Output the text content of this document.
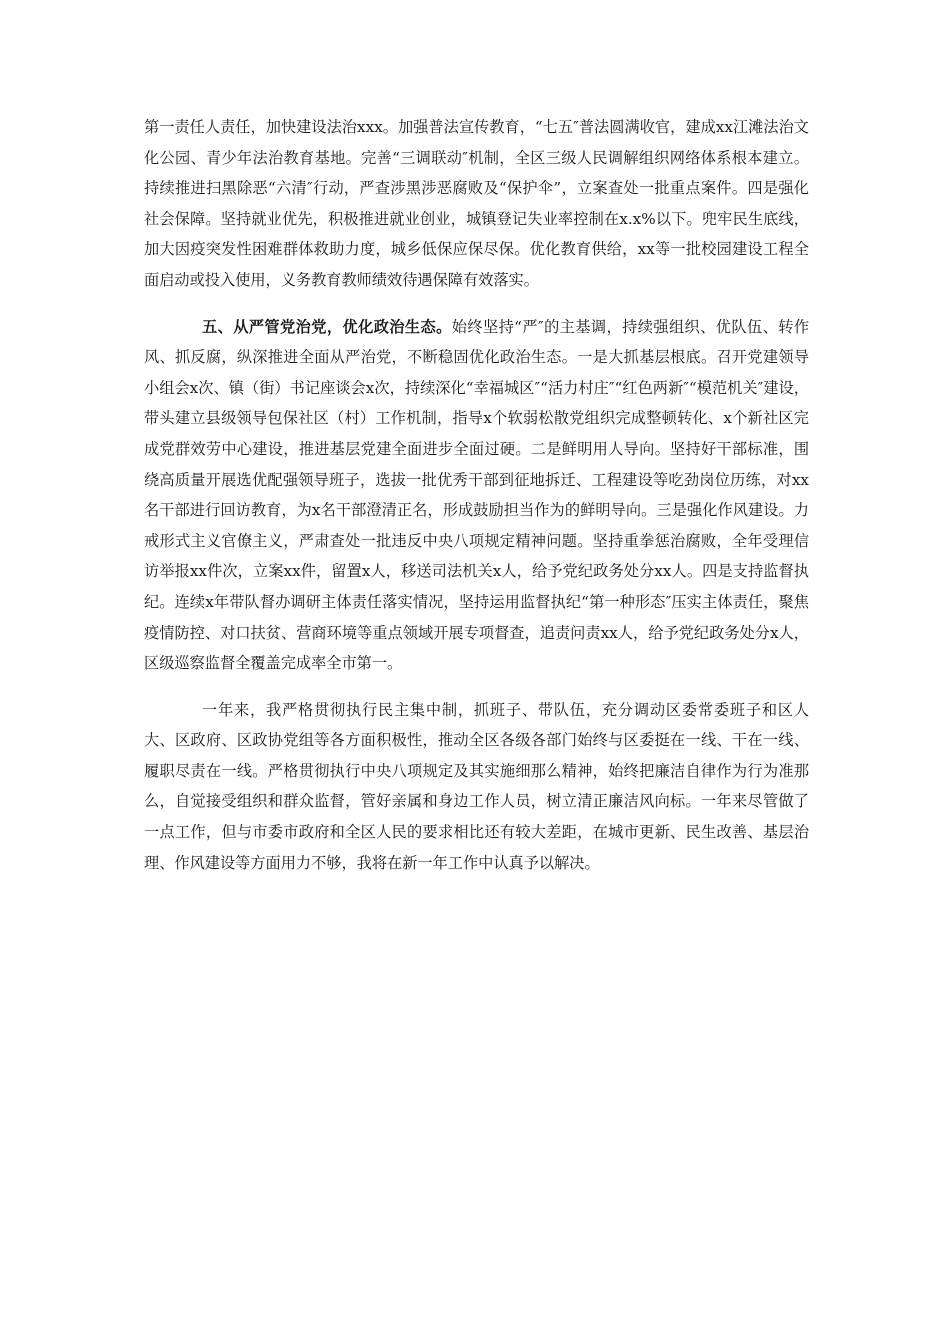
第一责任人责任，加快建设法治xxx。加强普法宣传教育，“七五″普法圆满收官，建成xx江滩法治文化公园、青少年法治教育基地。完善“三调联动″机制，全区三级人民调解组织网络体系根本建立。持续推进扫黑除恶“六清″行动，严查涉黑涉恶腐败及“保护伞”，立案查处一批重点案件。四是强化社会保障。坚持就业优先，积极推进就业创业，城镇登记失业率控制在x.x%以下。兜牢民生底线，加大因疫突发性困难群体救助力度，城乡低保应保尽保。优化教育供给，xx等一批校园建设工程全面启动或投入使用，义务教育教师绩效待遇保障有效落实。

五、从严管党治党，优化政治生态。始终坚持“严″的主基调，持续强组织、优队伍、转作风、抓反腐，纵深推进全面从严治党，不断稳固优化政治生态。一是大抓基层根底。召开党建领导小组会x次、镇（街）书记座谈会x次，持续深化“幸福城区″“活力村庄″“红色两新″“模范机关″建设，带头建立县级领导包保社区（村）工作机制，指导x个软弱松散党组织完成整顿转化、x个新社区完成党群效劳中心建设，推进基层党建全面进步全面过硬。二是鲜明用人导向。坚持好干部标准，围绕高质量开展选优配强领导班子，选拔一批优秀干部到征地拆迁、工程建设等吃劲岗位历练，对xx名干部进行回访教育，为x名干部澄清正名，形成鼓励担当作为的鲜明导向。三是强化作风建设。力戒形式主义官僚主义，严肃查处一批违反中央八项规定精神问题。坚持重拳惩治腐败，全年受理信访举报xx件次，立案xx件，留置x人，移送司法机关x人，给予党纪政务处分xx人。四是支持监督执纪。连续x年带队督办调研主体责任落实情况，坚持运用监督执纪“第一种形态″压实主体责任，聚焦疫情防控、对口扶贫、营商环境等重点领域开展专项督查，追责问责xx人，给予党纪政务处分x人，区级巡察监督全覆盖完成率全市第一。

一年来，我严格贯彻执行民主集中制，抓班子、带队伍，充分调动区委常委班子和区人大、区政府、区政协党组等各方面积极性，推动全区各级各部门始终与区委挺在一线、干在一线、履职尽责在一线。严格贯彻执行中央八项规定及其实施细那么精神，始终把廉洁自律作为行为准那么，自觉接受组织和群众监督，管好亲属和身边工作人员，树立清正廉洁风向标。一年来尽管做了一点工作，但与市委市政府和全区人民的要求相比还有较大差距，在城市更新、民生改善、基层治理、作风建设等方面用力不够，我将在新一年工作中认真予以解决。
